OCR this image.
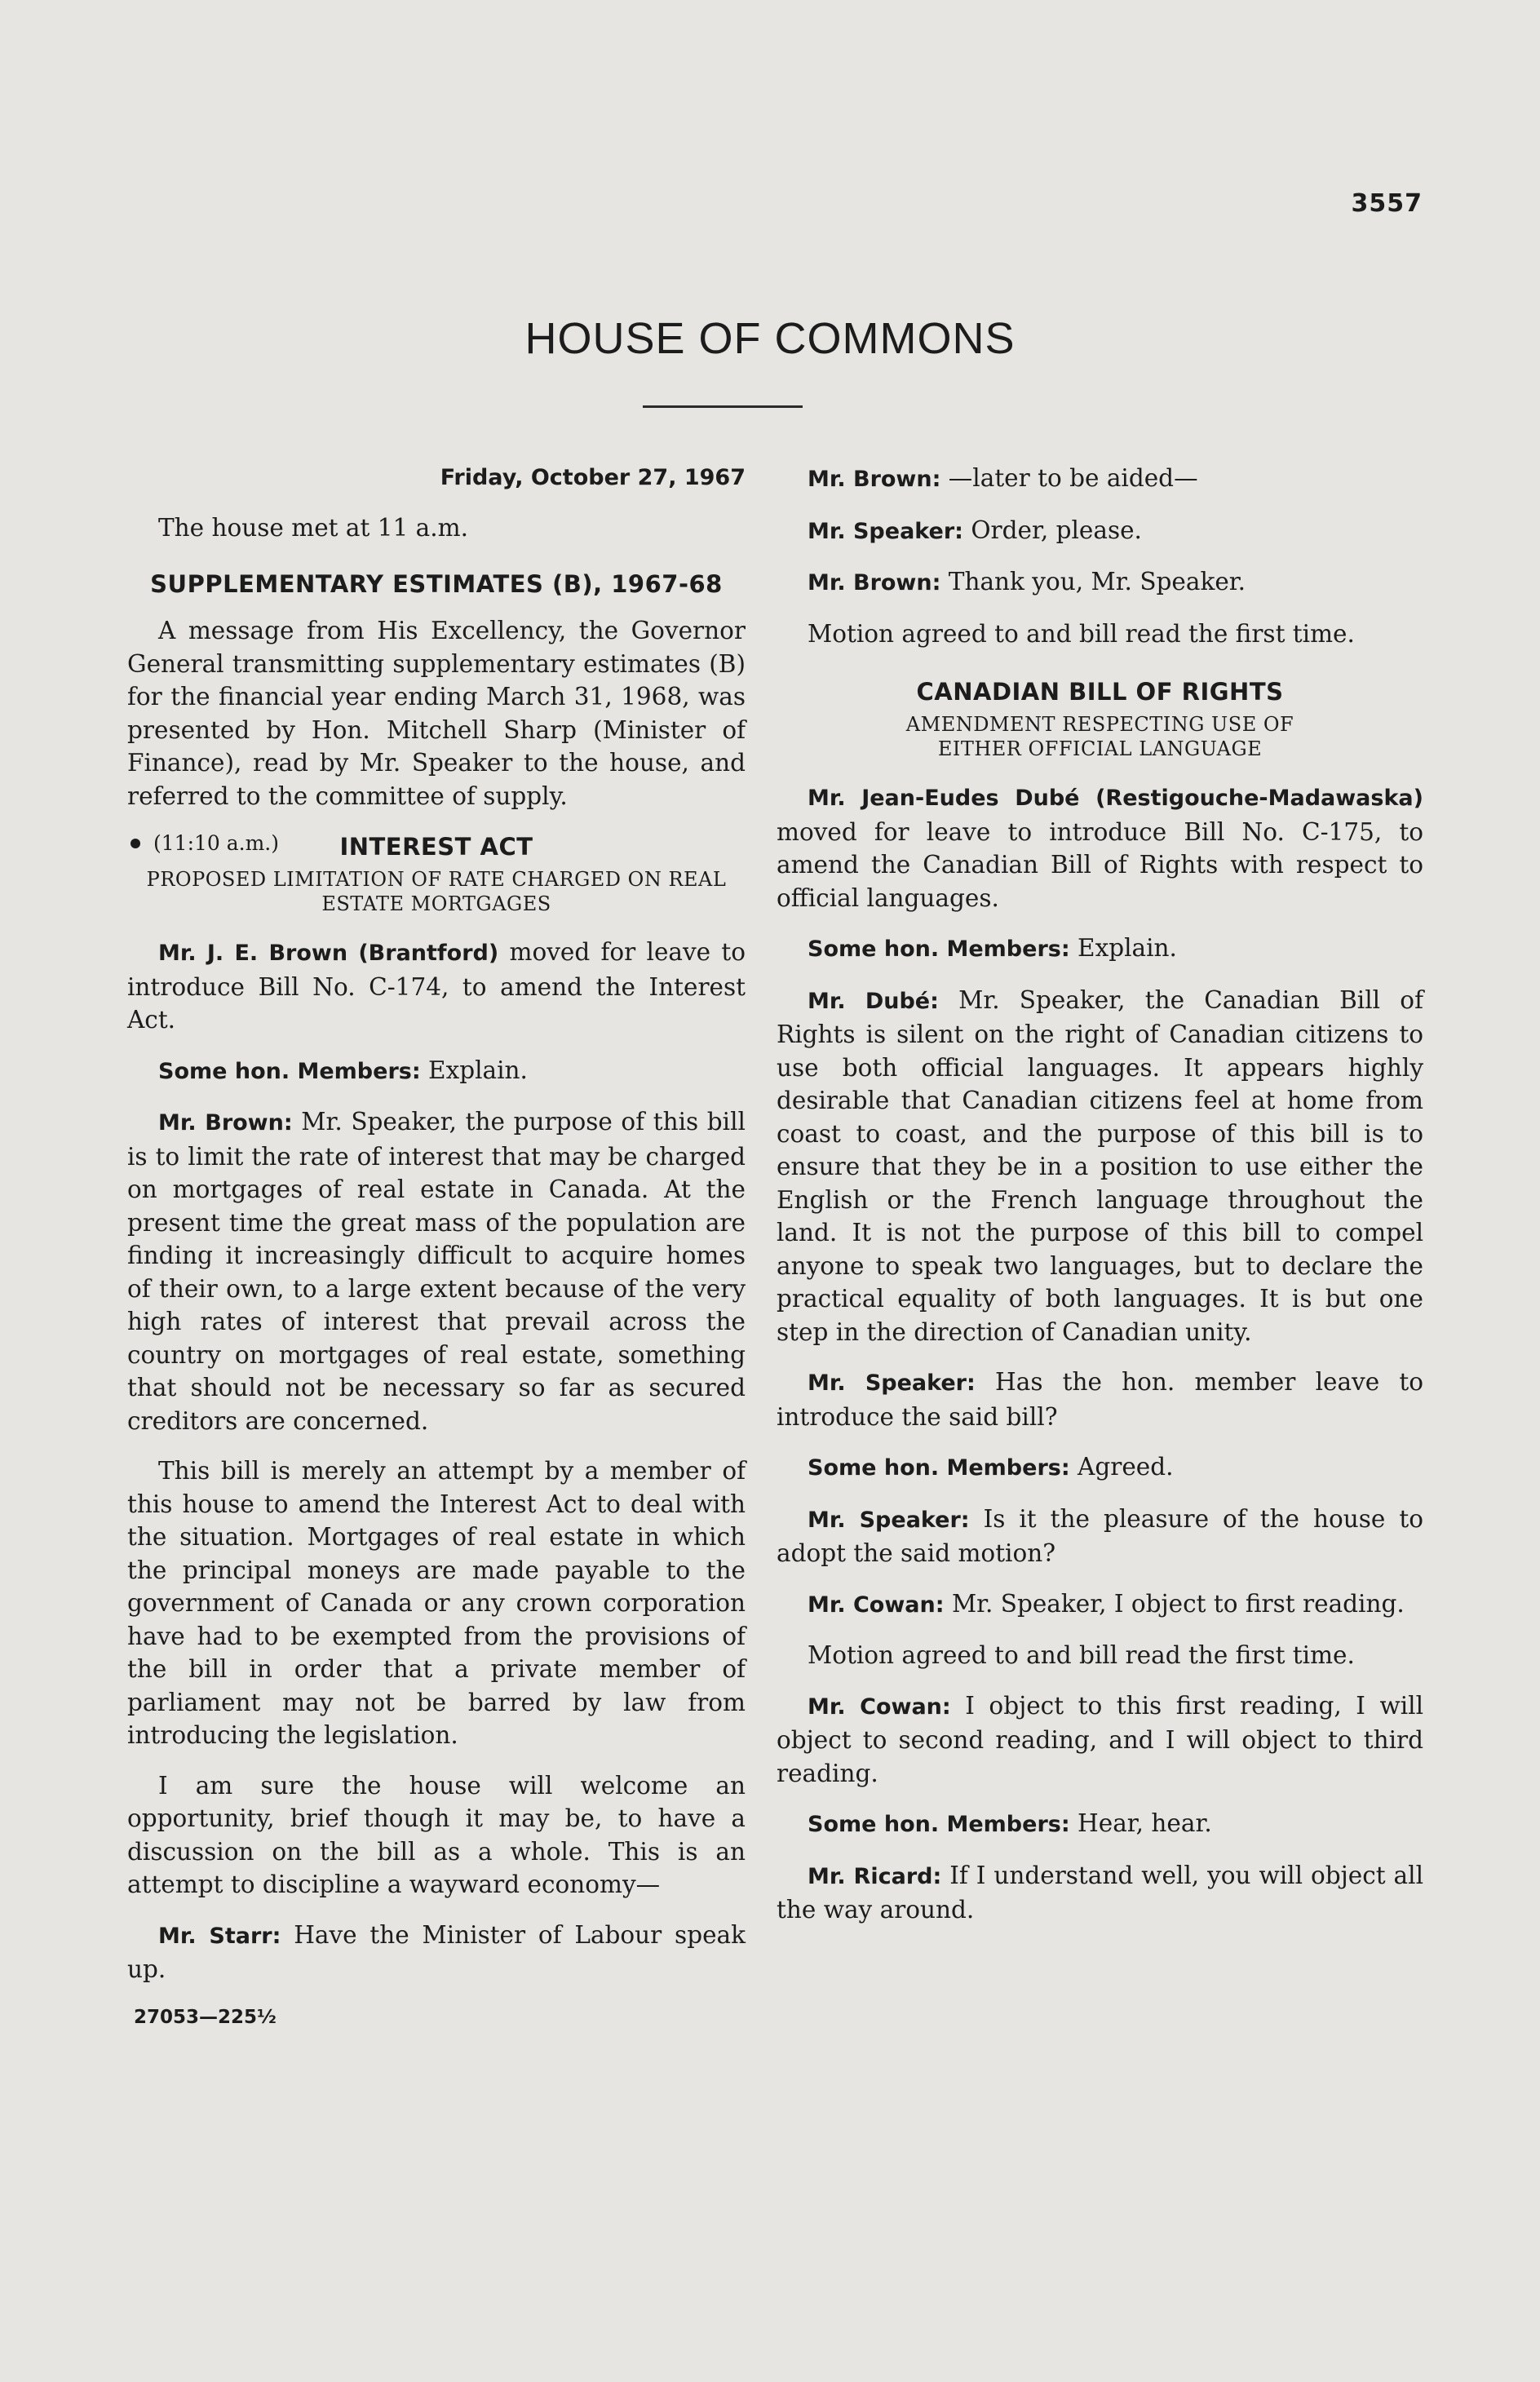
3557
HOUSE OF COMMONS
Friday, October 27, 1967

The house met at 11 a.m.

SUPPLEMENTARY ESTIMATES (B), 1967-68

A message from His Excellency, the Governor General transmitting supplementary estimates (B) for the financial year ending March 31, 1968, was presented by Hon. Mitchell Sharp (Minister of Finance), read by Mr. Speaker to the house, and referred to the committee of supply.

(11:10 a.m.)	INTEREST ACT
PROPOSED LIMITATION OF RATE CHARGED ON REAL ESTATE MORTGAGES

Mr. J. E. Brown (Brantford) moved for leave to introduce Bill No. C-174, to amend the Interest Act.

Some hon. Members: Explain.

Mr. Brown: Mr. Speaker, the purpose of this bill is to limit the rate of interest that may be charged on mortgages of real estate in Canada. At the present time the great mass of the population are finding it increasingly difficult to acquire homes of their own, to a large extent because of the very high rates of interest that prevail across the country on mortgages of real estate, something that should not be necessary so far as secured creditors are concerned.

This bill is merely an attempt by a member of this house to amend the Interest Act to deal with the situation. Mortgages of real estate in which the principal moneys are made payable to the government of Canada or any crown corporation have had to be exempted from the provisions of the bill in order that a private member of parliament may not be barred by law from introducing the legislation.

I am sure the house will welcome an opportunity, brief though it may be, to have a discussion on the bill as a whole. This is an attempt to discipline a wayward economy—

Mr. Starr: Have the Minister of Labour speak up.

27053—225½

Mr. Brown: —later to be aided—

Mr. Speaker: Order, please.

Mr. Brown: Thank you, Mr. Speaker.

Motion agreed to and bill read the first time.

CANADIAN BILL OF RIGHTS
AMENDMENT RESPECTING USE OF EITHER OFFICIAL LANGUAGE

Mr. Jean-Eudes Dubé (Restigouche-Madawaska) moved for leave to introduce Bill No. C-175, to amend the Canadian Bill of Rights with respect to official languages.

Some hon. Members: Explain.

Mr. Dubé: Mr. Speaker, the Canadian Bill of Rights is silent on the right of Canadian citizens to use both official languages. It appears highly desirable that Canadian citizens feel at home from coast to coast, and the purpose of this bill is to ensure that they be in a position to use either the English or the French language throughout the land. It is not the purpose of this bill to compel anyone to speak two languages, but to declare the practical equality of both languages. It is but one step in the direction of Canadian unity.

Mr. Speaker: Has the hon. member leave to introduce the said bill?

Some hon. Members: Agreed.

Mr. Speaker: Is it the pleasure of the house to adopt the said motion?

Mr. Cowan: Mr. Speaker, I object to first reading.

Motion agreed to and bill read the first time.

Mr. Cowan: I object to this first reading, I will object to second reading, and I will object to third reading.

Some hon. Members: Hear, hear.

Mr. Ricard: If I understand well, you will object all the way around.
